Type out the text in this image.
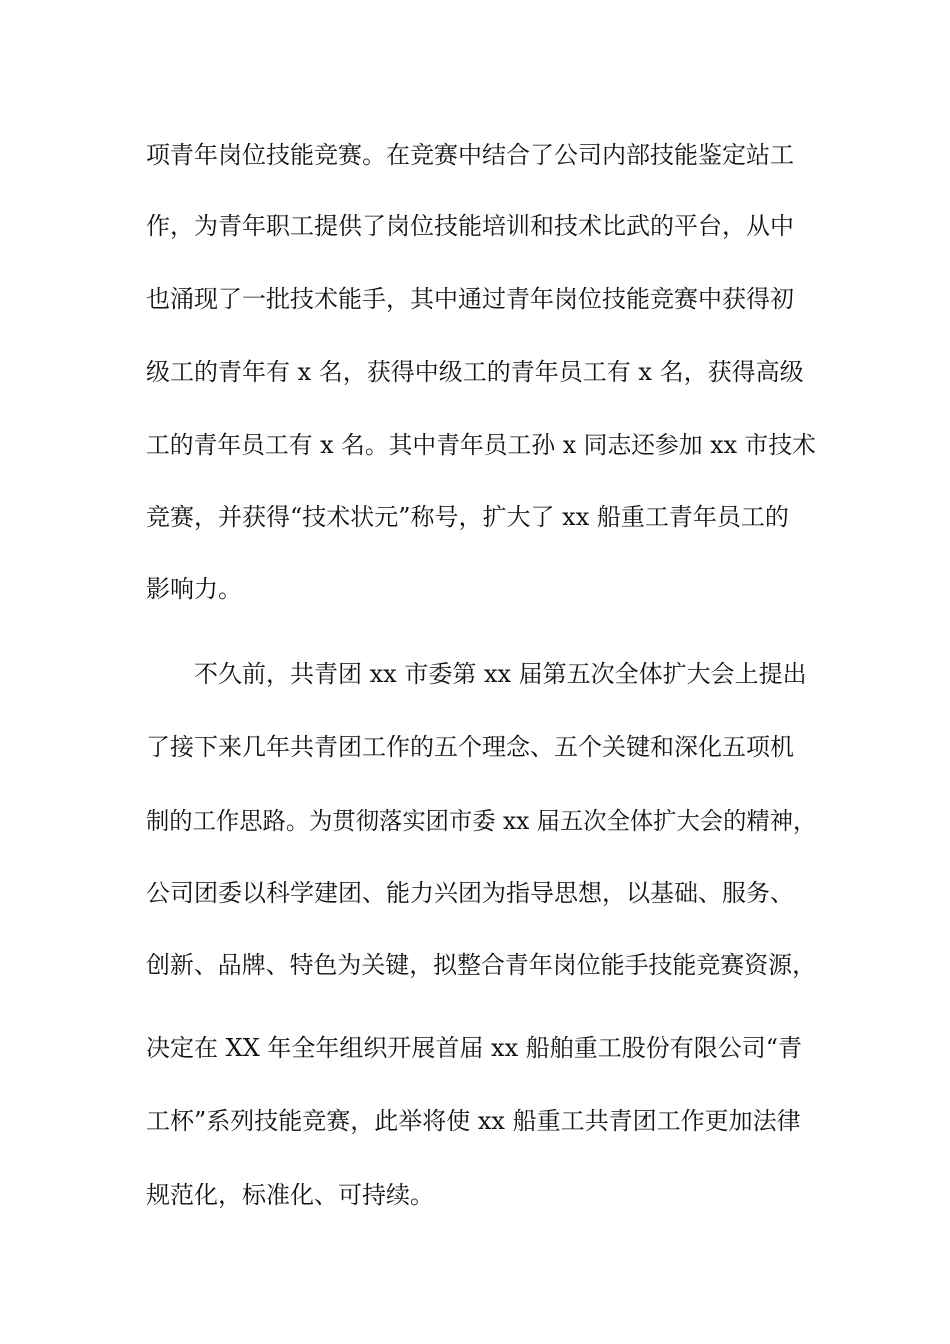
项青年岗位技能竞赛。在竞赛中结合了公司内部技能鉴定站工
作，为青年职工提供了岗位技能培训和技术比武的平台，从中
也涌现了一批技术能手，其中通过青年岗位技能竞赛中获得初
级工的青年有 x 名，获得中级工的青年员工有 x 名，获得高级
工的青年员工有 x 名。其中青年员工孙 x 同志还参加 xx 市技术
竞赛，并获得“技术状元”称号，扩大了 xx 船重工青年员工的
影响力。
不久前，共青团 xx 市委第 xx 届第五次全体扩大会上提出
了接下来几年共青团工作的五个理念、五个关键和深化五项机
制的工作思路。为贯彻落实团市委 xx 届五次全体扩大会的精神，
公司团委以科学建团、能力兴团为指导思想，以基础、服务、
创新、品牌、特色为关键，拟整合青年岗位能手技能竞赛资源，
决定在 XX 年全年组织开展首届 xx 船舶重工股份有限公司“青
工杯”系列技能竞赛，此举将使 xx 船重工共青团工作更加法律
规范化，标准化、可持续。
